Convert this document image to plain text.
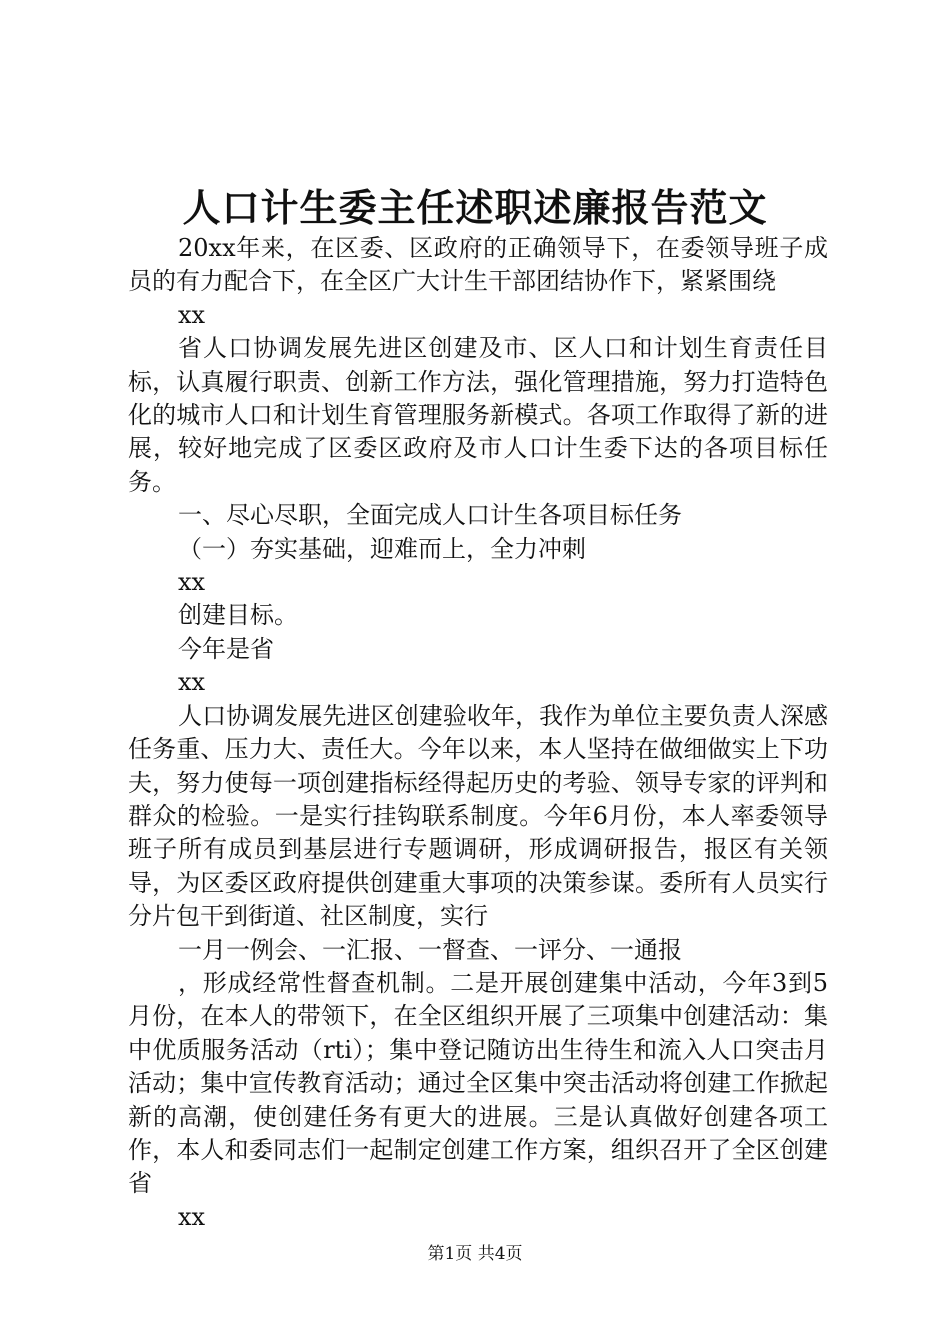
人口计生委主任述职述廉报告范文

20xx年来，在区委、区政府的正确领导下，在委领导班子成员的有力配合下，在全区广大计生干部团结协作下，紧紧围绕

xx

省人口协调发展先进区创建及市、区人口和计划生育责任目标，认真履行职责、创新工作方法，强化管理措施，努力打造特色化的城市人口和计划生育管理服务新模式。各项工作取得了新的进展，较好地完成了区委区政府及市人口计生委下达的各项目标任务。

一、尽心尽职，全面完成人口计生各项目标任务

（一）夯实基础，迎难而上，全力冲刺

xx

创建目标。

今年是省

xx

人口协调发展先进区创建验收年，我作为单位主要负责人深感任务重、压力大、责任大。今年以来，本人坚持在做细做实上下功夫，努力使每一项创建指标经得起历史的考验、领导专家的评判和群众的检验。一是实行挂钩联系制度。今年6月份，本人率委领导班子所有成员到基层进行专题调研，形成调研报告，报区有关领导，为区委区政府提供创建重大事项的决策参谋。委所有人员实行分片包干到街道、社区制度，实行

一月一例会、一汇报、一督查、一评分、一通报

，形成经常性督查机制。二是开展创建集中活动，今年3到5月份，在本人的带领下，在全区组织开展了三项集中创建活动：集中优质服务活动（rti）；集中登记随访出生待生和流入人口突击月活动；集中宣传教育活动；通过全区集中突击活动将创建工作掀起新的高潮，使创建任务有更大的进展。三是认真做好创建各项工作，本人和委同志们一起制定创建工作方案，组织召开了全区创建省

xx

第1页 共4页
